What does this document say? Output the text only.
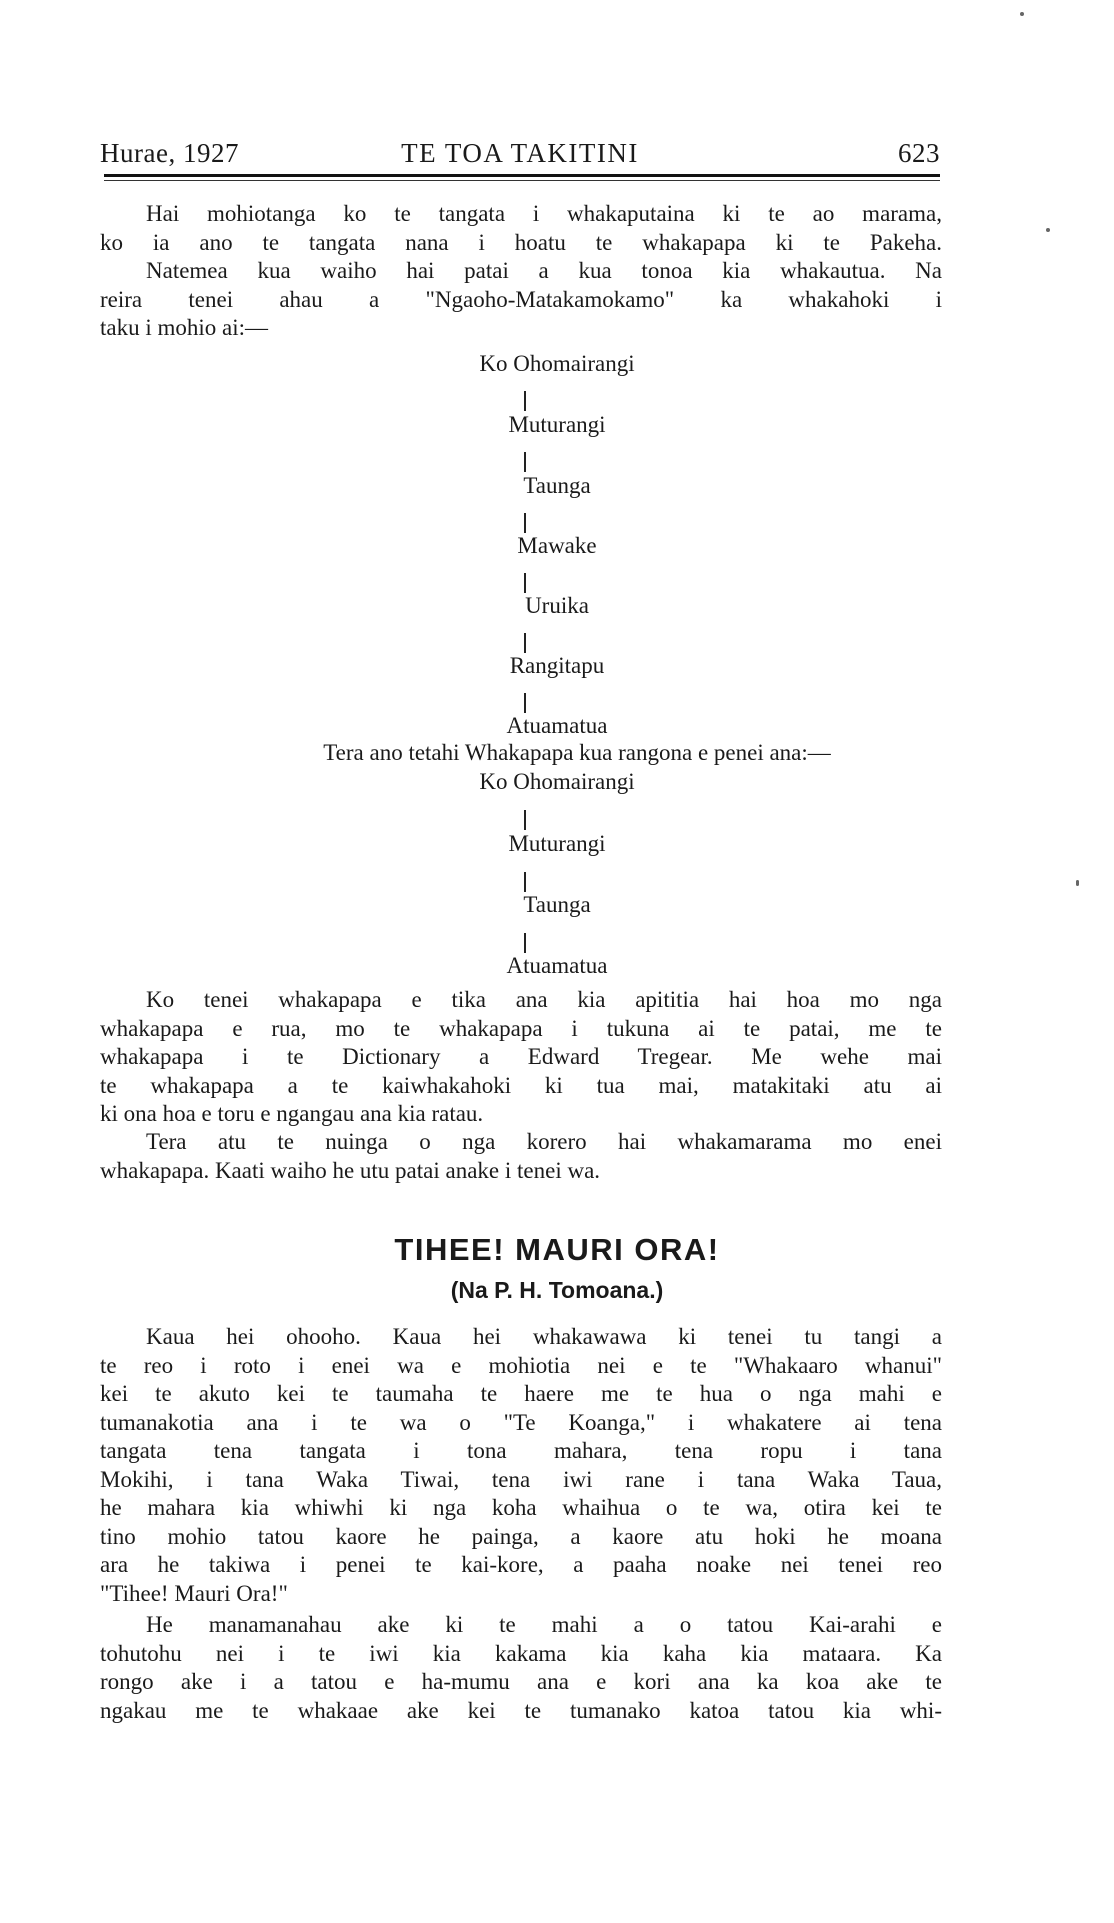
Hurae, 1927	TE TOA TAKITINI	623
Hai mohiotanga ko te tangata i whakaputaina ki te ao marama,
ko ia ano te tangata nana i hoatu te whakapapa ki te Pakeha.
Natemea kua waiho hai patai a kua tonoa kia whakautua. Na
reira tenei ahau a "Ngaoho-Matakamokamo" ka whakahoki i
taku i mohio ai:—
Ko Ohomairangi
Muturangi
Taunga
Mawake
Uruika
Rangitapu
Atuamatua
Tera ano tetahi Whakapapa kua rangona e penei ana:—
Ko Ohomairangi
Muturangi
Taunga
Atuamatua
Ko tenei whakapapa e tika ana kia apititia hai hoa mo nga
whakapapa e rua, mo te whakapapa i tukuna ai te patai, me te
whakapapa i te Dictionary a Edward Tregear. Me wehe mai
te whakapapa a te kaiwhakahoki ki tua mai, matakitaki atu ai
ki ona hoa e toru e ngangau ana kia ratau.
Tera atu te nuinga o nga korero hai whakamarama mo enei
whakapapa. Kaati waiho he utu patai anake i tenei wa.
TIHEE! MAURI ORA!
(Na P. H. Tomoana.)
Kaua hei ohooho. Kaua hei whakawawa ki tenei tu tangi a
te reo i roto i enei wa e mohiotia nei e te "Whakaaro whanui"
kei te akuto kei te taumaha te haere me te hua o nga mahi e
tumanakotia ana i te wa o "Te Koanga," i whakatere ai tena
tangata tena tangata i tona mahara, tena ropu i tana
Mokihi, i tana Waka Tiwai, tena iwi rane i tana Waka Taua,
he mahara kia whiwhi ki nga koha whaihua o te wa, otira kei te
tino mohio tatou kaore he painga, a kaore atu hoki he moana
ara he takiwa i penei te kai-kore, a paaha noake nei tenei reo
"Tihee! Mauri Ora!"
He manamanahau ake ki te mahi a o tatou Kai-arahi e
tohutohu nei i te iwi kia kakama kia kaha kia mataara. Ka
rongo ake i a tatou e ha-mumu ana e kori ana ka koa ake te
ngakau me te whakaae ake kei te tumanako katoa tatou kia whi-
